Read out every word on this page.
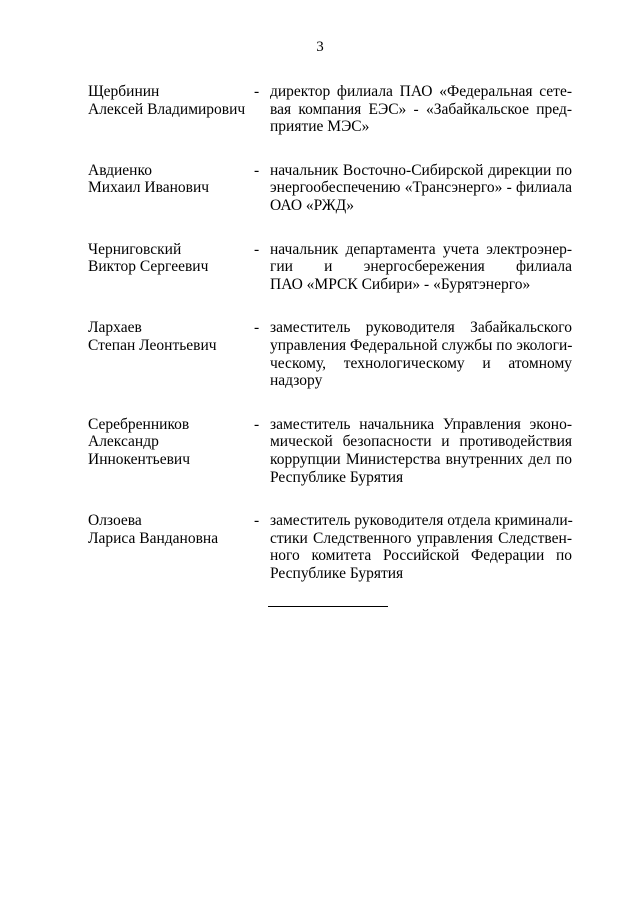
3
Щербинин
Алексей Владимирович
- директор филиала ПАО «Федеральная сете-
вая компания ЕЭС» - «Забайкальское пред-
приятие МЭС»
Авдиенко
Михаил Иванович
- начальник Восточно-Сибирской дирекции по
энергообеспечению «Трансэнерго» - филиала
ОАО «РЖД»
Черниговский
Виктор Сергеевич
- начальник департамента учета электроэнер-
гии и энергосбережения филиала
ПАО «МРСК Сибири» - «Бурятэнерго»
Лархаев
Степан Леонтьевич
- заместитель руководителя Забайкальского
управления Федеральной службы по экологи-
ческому, технологическому и атомному
надзору
Серебренников
Александр
Иннокентьевич
- заместитель начальника Управления эконо-
мической безопасности и противодействия
коррупции Министерства внутренних дел по
Республике Бурятия
Олзоева
Лариса Вандановна
- заместитель руководителя отдела криминали-
стики Следственного управления Следствен-
ного комитета Российской Федерации по
Республике Бурятия
